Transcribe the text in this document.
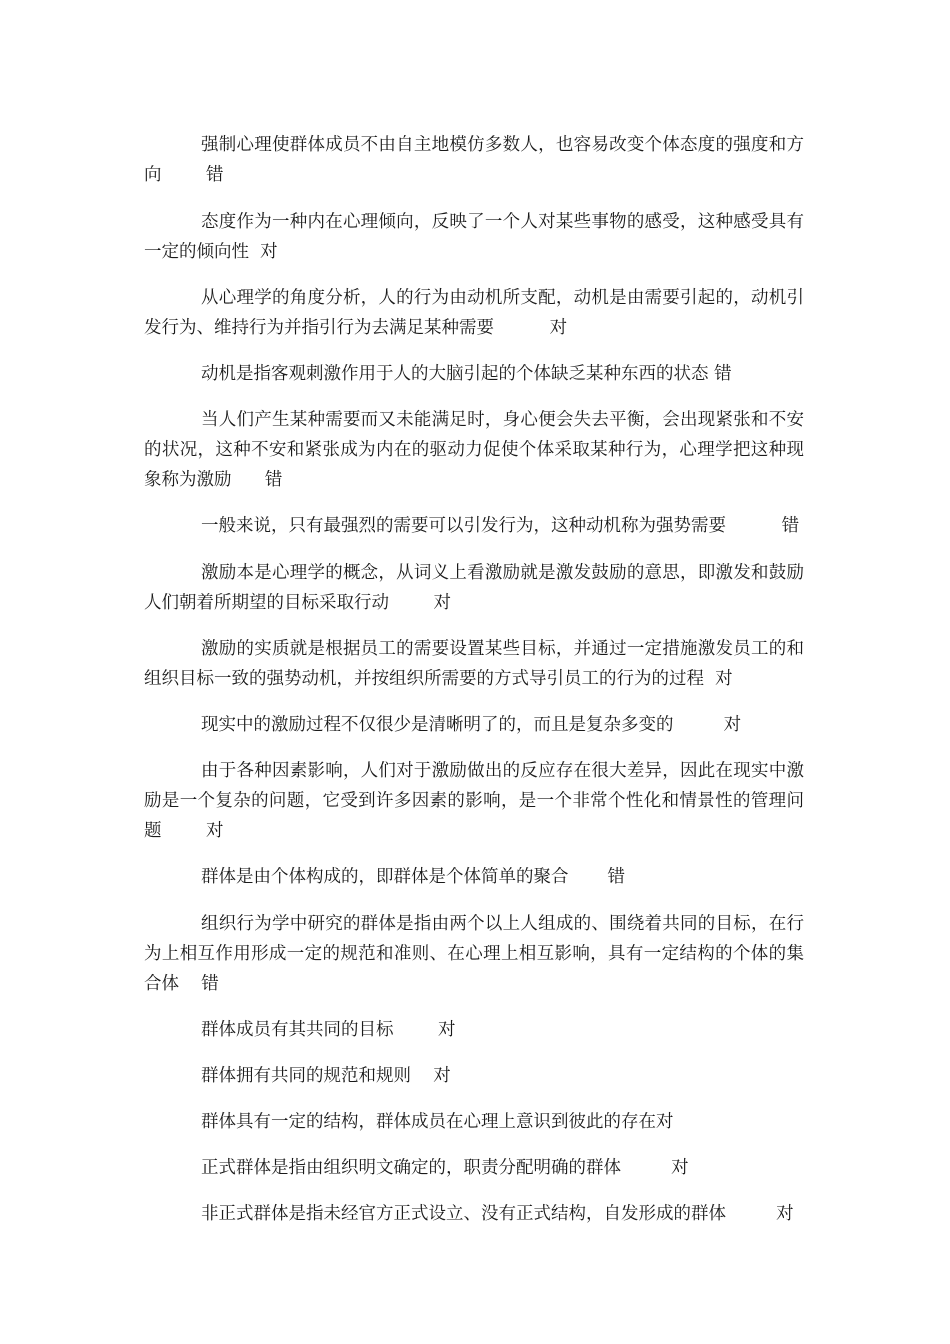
强制心理使群体成员不由自主地模仿多数人，也容易改变个体态度的强度和方向	错

态度作为一种内在心理倾向，反映了一个人对某些事物的感受，这种感受具有一定的倾向性 对

从心理学的角度分析，人的行为由动机所支配，动机是由需要引起的，动机引发行为、维持行为并指引行为去满足某种需要	对

动机是指客观刺激作用于人的大脑引起的个体缺乏某种东西的状态 错

当人们产生某种需要而又未能满足时，身心便会失去平衡，会出现紧张和不安的状况，这种不安和紧张成为内在的驱动力促使个体采取某种行为，心理学把这种现象称为激励 错

一般来说，只有最强烈的需要可以引发行为，这种动机称为强势需要	错

激励本是心理学的概念，从词义上看激励就是激发鼓励的意思，即激发和鼓励人们朝着所期望的目标采取行动	对

激励的实质就是根据员工的需要设置某些目标，并通过一定措施激发员工的和组织目标一致的强势动机，并按组织所需要的方式导引员工的行为的过程 对

现实中的激励过程不仅很少是清晰明了的，而且是复杂多变的	对

由于各种因素影响，人们对于激励做出的反应存在很大差异，因此在现实中激励是一个复杂的问题，它受到许多因素的影响，是一个非常个性化和情景性的管理问题	对

群体是由个体构成的，即群体是个体简单的聚合 错

组织行为学中研究的群体是指由两个以上人组成的、围绕着共同的目标，在行为上相互作用形成一定的规范和准则、在心理上相互影响，具有一定结构的个体的集合体 错

群体成员有其共同的目标	对

群体拥有共同的规范和规则 对

群体具有一定的结构，群体成员在心理上意识到彼此的存在对

正式群体是指由组织明文确定的，职责分配明确的群体	对

非正式群体是指未经官方正式设立、没有正式结构，自发形成的群体	对
